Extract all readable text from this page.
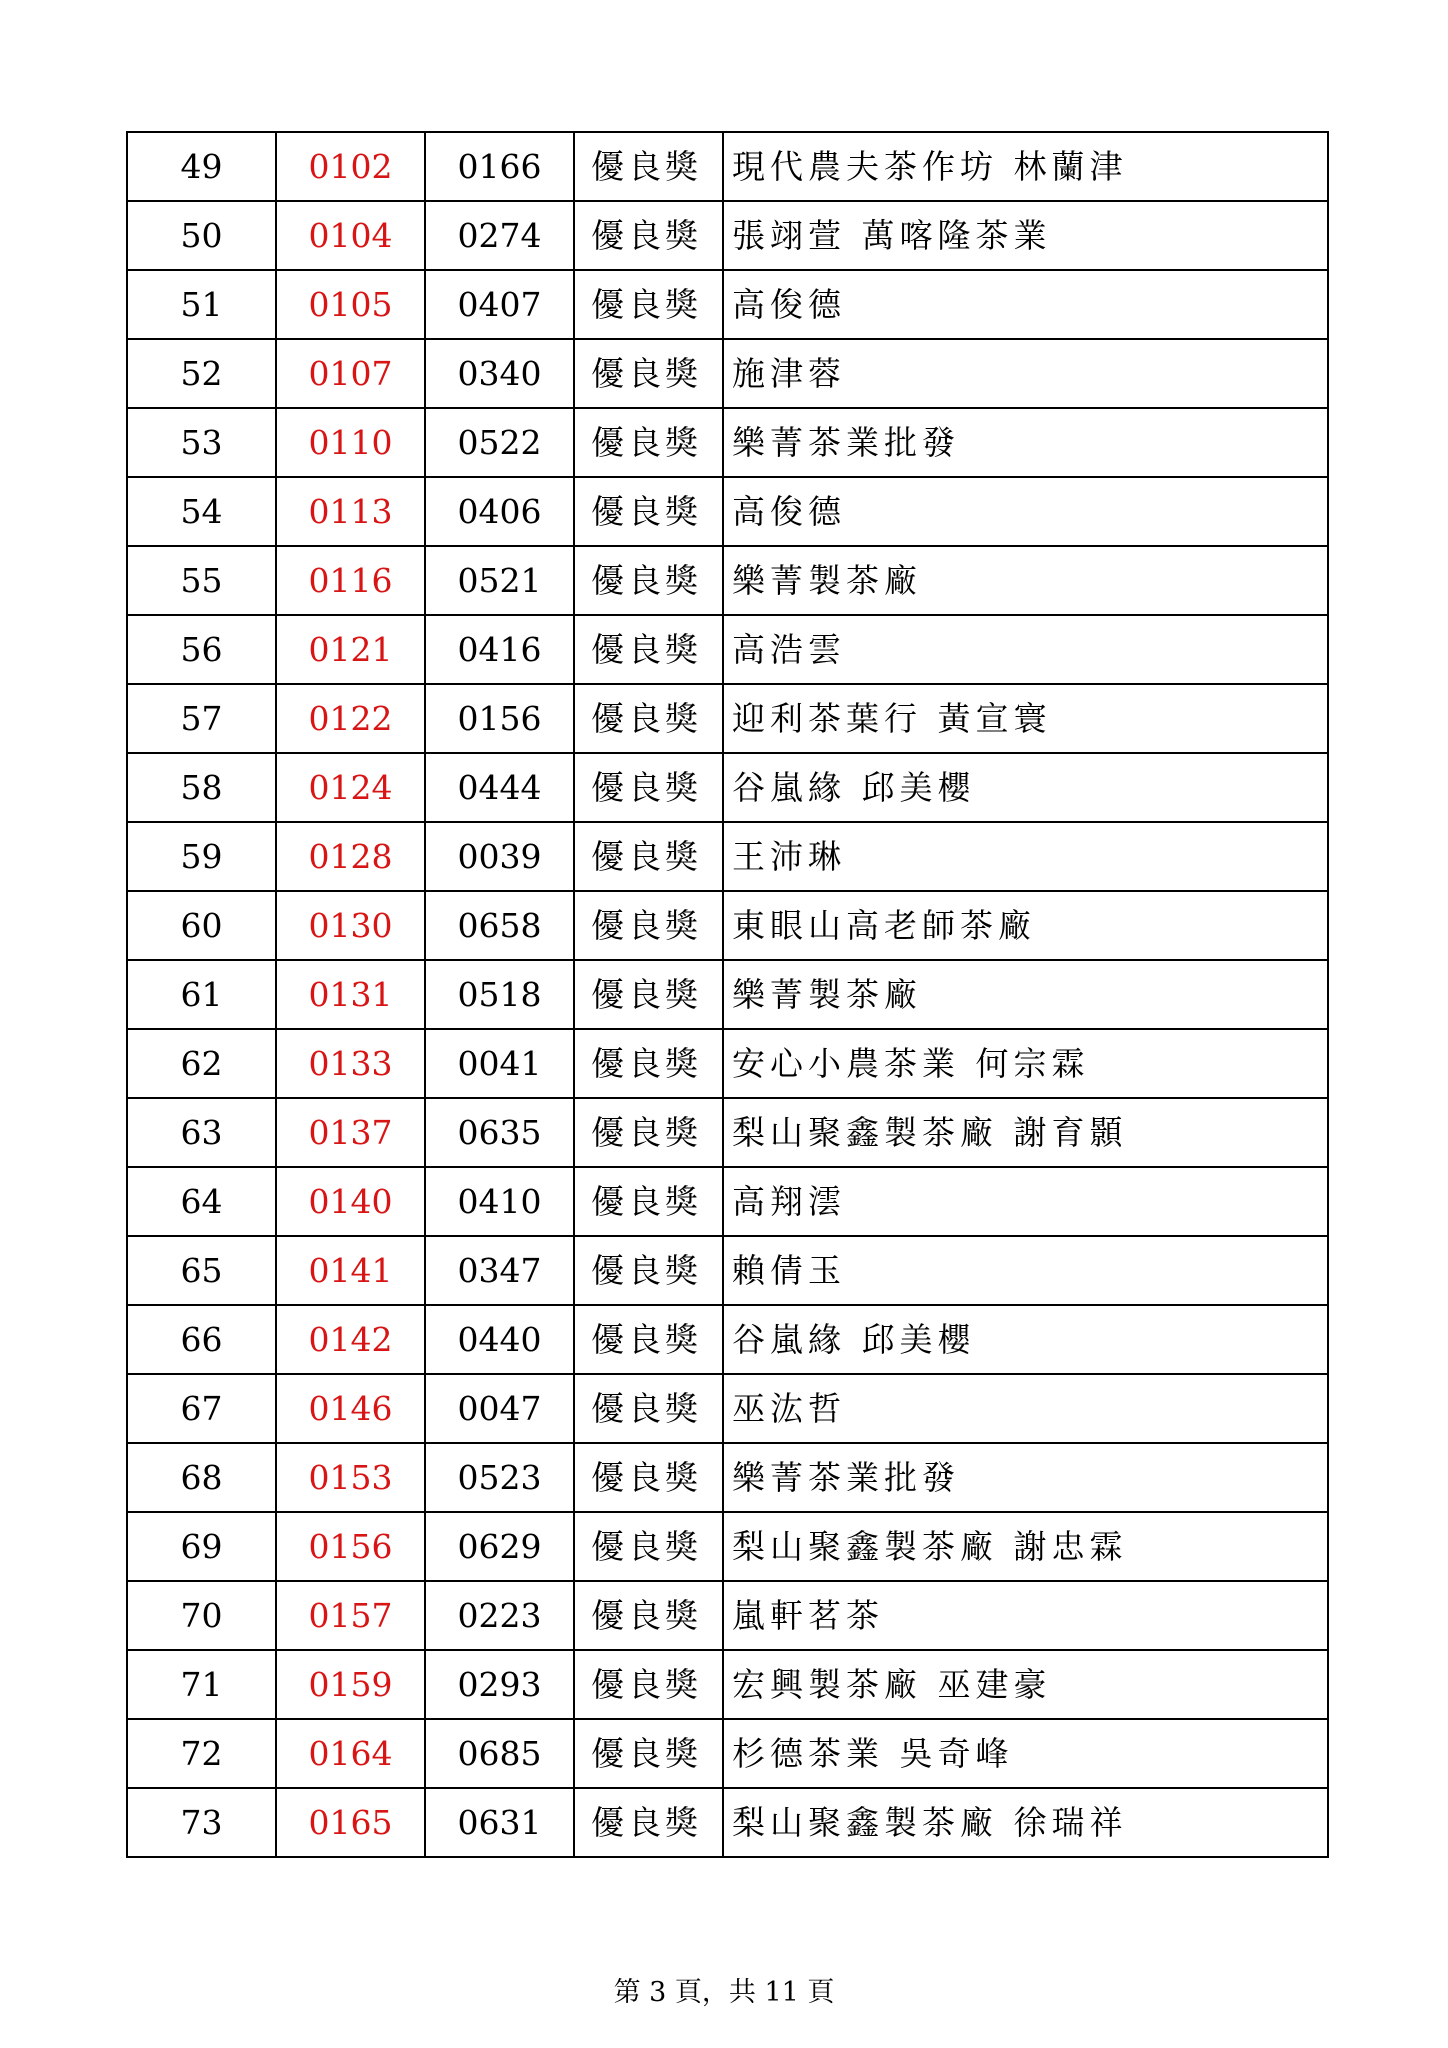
49	0102	0166	優良獎	現代農夫茶作坊 林蘭津
50	0104	0274	優良獎	張翊萱 萬喀隆茶業
51	0105	0407	優良獎	高俊德
52	0107	0340	優良獎	施津蓉
53	0110	0522	優良獎	樂菁茶業批發
54	0113	0406	優良獎	高俊德
55	0116	0521	優良獎	樂菁製茶廠
56	0121	0416	優良獎	高浩雲
57	0122	0156	優良獎	迎利茶葉行 黃宣寰
58	0124	0444	優良獎	谷嵐緣 邱美櫻
59	0128	0039	優良獎	王沛琳
60	0130	0658	優良獎	東眼山高老師茶廠
61	0131	0518	優良獎	樂菁製茶廠
62	0133	0041	優良獎	安心小農茶業 何宗霖
63	0137	0635	優良獎	梨山聚鑫製茶廠 謝育顥
64	0140	0410	優良獎	高翔澐
65	0141	0347	優良獎	賴倩玉
66	0142	0440	優良獎	谷嵐緣 邱美櫻
67	0146	0047	優良獎	巫汯哲
68	0153	0523	優良獎	樂菁茶業批發
69	0156	0629	優良獎	梨山聚鑫製茶廠 謝忠霖
70	0157	0223	優良獎	嵐軒茗茶
71	0159	0293	優良獎	宏興製茶廠 巫建豪
72	0164	0685	優良獎	杉德茶業 吳奇峰
73	0165	0631	優良獎	梨山聚鑫製茶廠 徐瑞祥
第 3 頁，共 11 頁
